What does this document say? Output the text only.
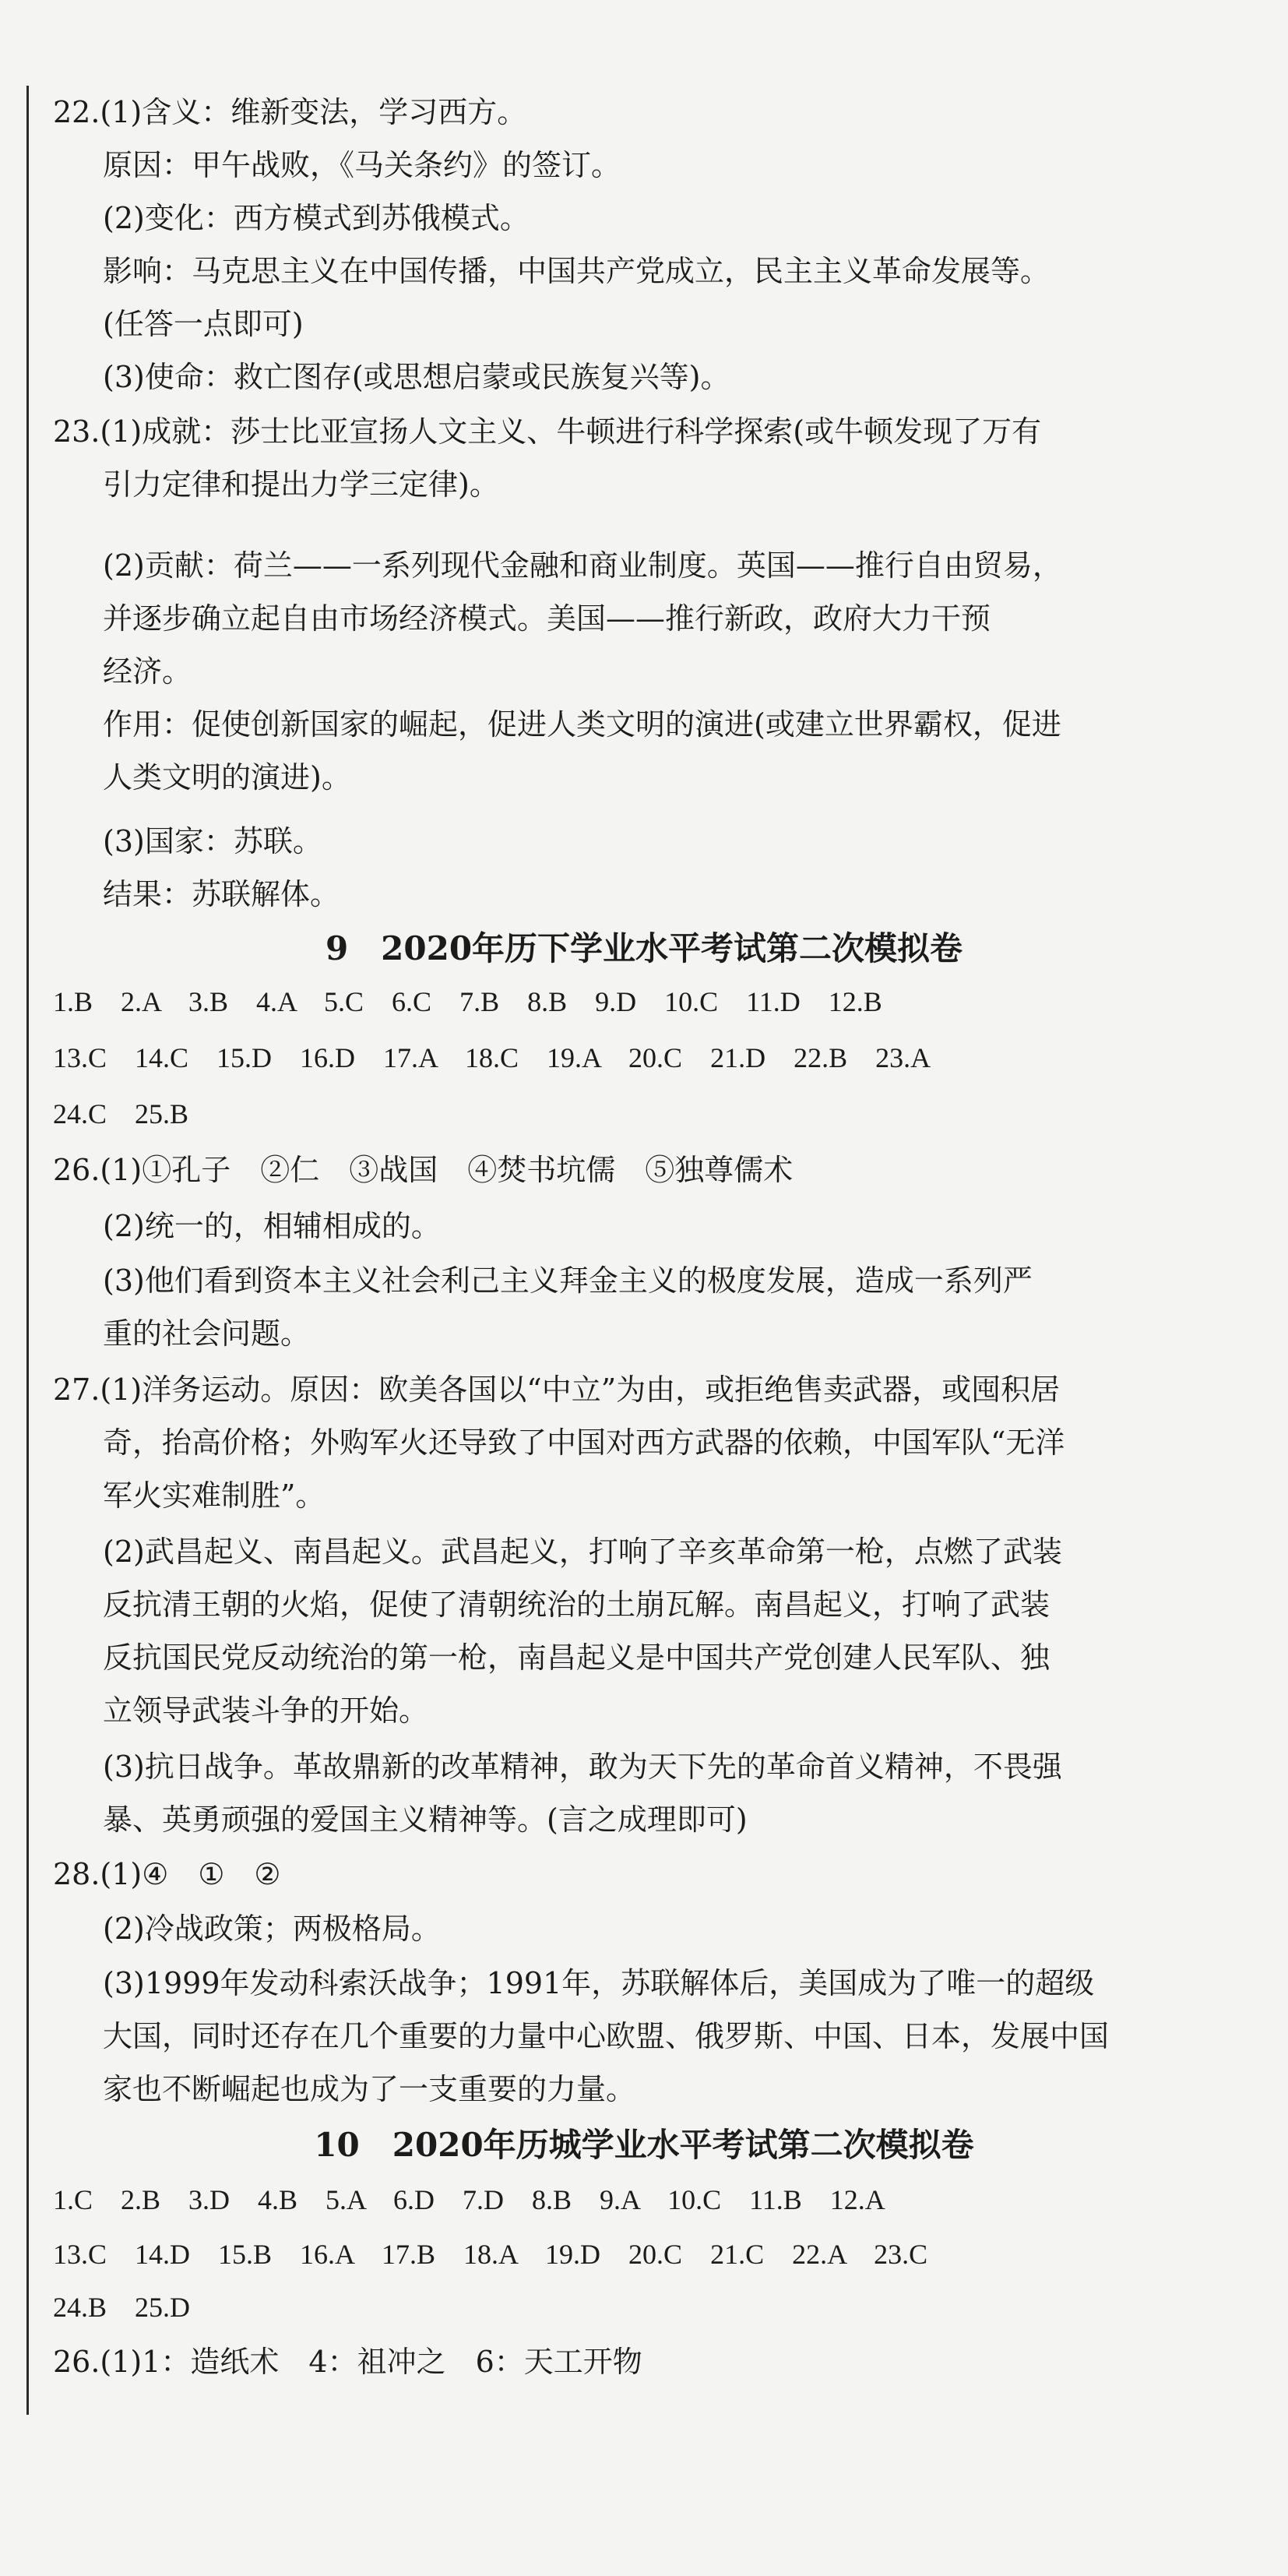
22.(1)含义：维新变法，学习西方。
原因：甲午战败，《马关条约》的签订。
(2)变化：西方模式到苏俄模式。
影响：马克思主义在中国传播，中国共产党成立，民主主义革命发展等。
(任答一点即可)
(3)使命：救亡图存(或思想启蒙或民族复兴等)。
23.(1)成就：莎士比亚宣扬人文主义、牛顿进行科学探索(或牛顿发现了万有
引力定律和提出力学三定律)。
(2)贡献：荷兰——一系列现代金融和商业制度。英国——推行自由贸易，
并逐步确立起自由市场经济模式。美国——推行新政，政府大力干预
经济。
作用：促使创新国家的崛起，促进人类文明的演进(或建立世界霸权，促进
人类文明的演进)。
(3)国家：苏联。
结果：苏联解体。
9　2020年历下学业水平考试第二次模拟卷
1.B　2.A　3.B　4.A　5.C　6.C　7.B　8.B　9.D　10.C　11.D　12.B
13.C　14.C　15.D　16.D　17.A　18.C　19.A　20.C　21.D　22.B　23.A
24.C　25.B
26.(1)①孔子　②仁　③战国　④焚书坑儒　⑤独尊儒术
(2)统一的，相辅相成的。
(3)他们看到资本主义社会利己主义拜金主义的极度发展，造成一系列严
重的社会问题。
27.(1)洋务运动。原因：欧美各国以“中立”为由，或拒绝售卖武器，或囤积居
奇，抬高价格；外购军火还导致了中国对西方武器的依赖，中国军队“无洋
军火实难制胜”。
(2)武昌起义、南昌起义。武昌起义，打响了辛亥革命第一枪，点燃了武装
反抗清王朝的火焰，促使了清朝统治的土崩瓦解。南昌起义，打响了武装
反抗国民党反动统治的第一枪，南昌起义是中国共产党创建人民军队、独
立领导武装斗争的开始。
(3)抗日战争。革故鼎新的改革精神，敢为天下先的革命首义精神，不畏强
暴、英勇顽强的爱国主义精神等。(言之成理即可)
28.(1)④　①　②
(2)冷战政策；两极格局。
(3)1999年发动科索沃战争；1991年，苏联解体后，美国成为了唯一的超级
大国，同时还存在几个重要的力量中心欧盟、俄罗斯、中国、日本，发展中国
家也不断崛起也成为了一支重要的力量。
10　2020年历城学业水平考试第二次模拟卷
1.C　2.B　3.D　4.B　5.A　6.D　7.D　8.B　9.A　10.C　11.B　12.A
13.C　14.D　15.B　16.A　17.B　18.A　19.D　20.C　21.C　22.A　23.C
24.B　25.D
26.(1)1：造纸术　4：祖冲之　6：天工开物
